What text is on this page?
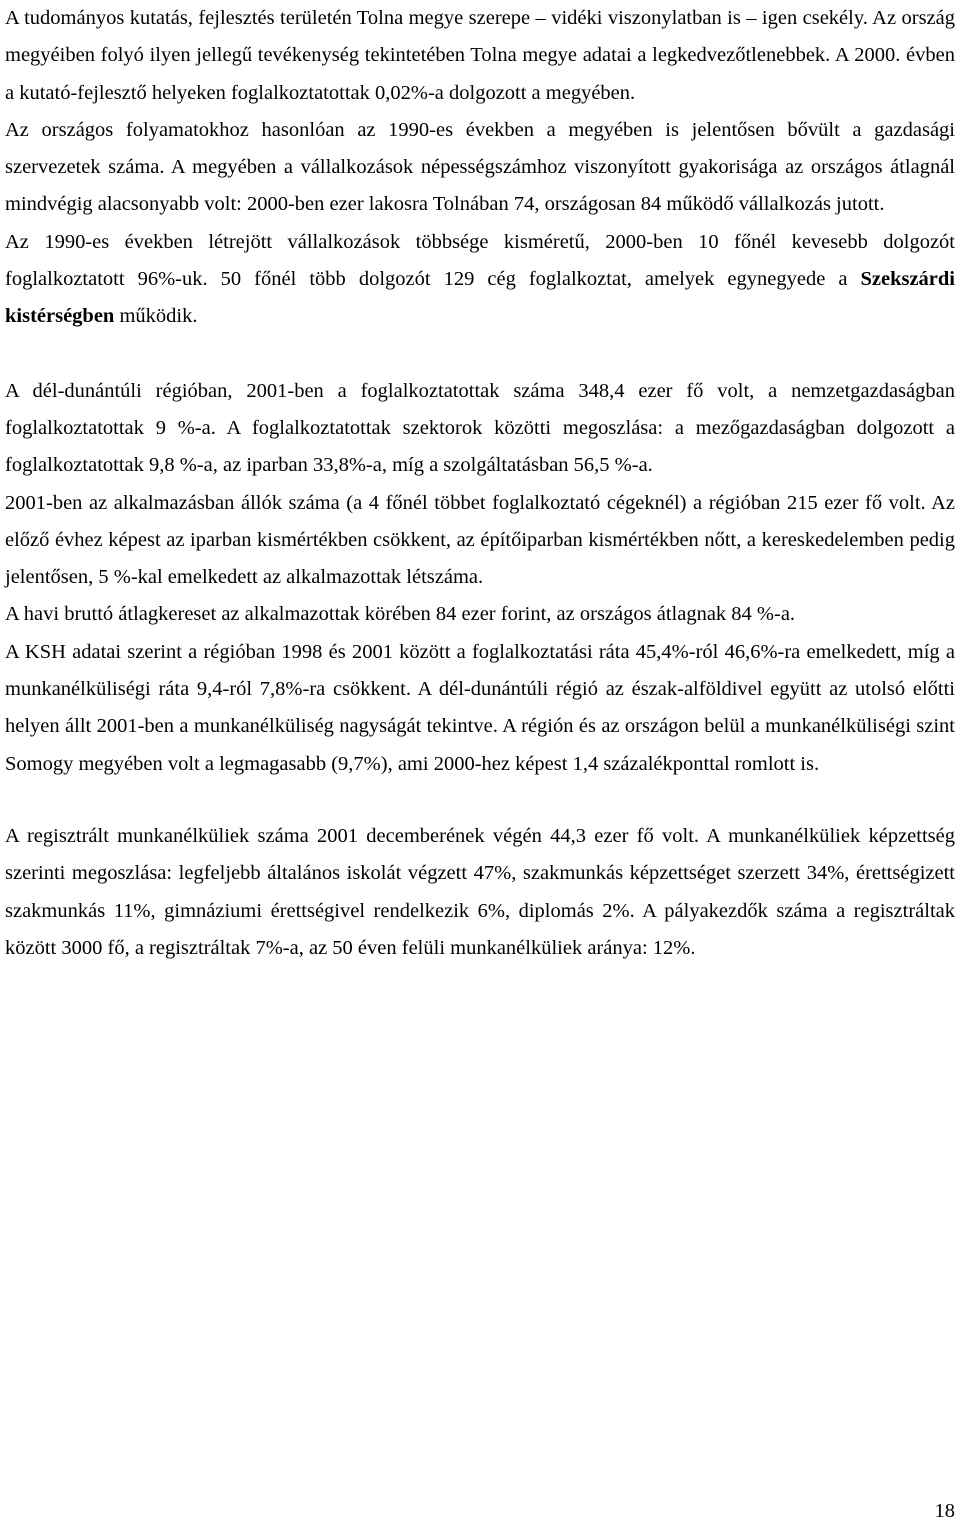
A tudományos kutatás, fejlesztés területén Tolna megye szerepe – vidéki viszonylatban is – igen csekély. Az ország megyéiben folyó ilyen jellegű tevékenység tekintetében Tolna megye adatai a legkedvezőtlenebbek. A 2000. évben a kutató-fejlesztő helyeken foglalkoztatottak 0,02%-a dolgozott a megyében.

Az országos folyamatokhoz hasonlóan az 1990-es években a megyében is jelentősen bővült a gazdasági szervezetek száma. A megyében a vállalkozások népességszámhoz viszonyított gyakorisága az országos átlagnál mindvégig alacsonyabb volt: 2000-ben ezer lakosra Tolnában 74, országosan 84 működő vállalkozás jutott.

Az 1990-es években létrejött vállalkozások többsége kisméretű, 2000-ben 10 főnél kevesebb dolgozót foglalkoztatott 96%-uk. 50 főnél több dolgozót 129 cég foglalkoztat, amelyek egynegyede a Szekszárdi kistérségben működik.

A dél-dunántúli régióban, 2001-ben a foglalkoztatottak száma 348,4 ezer fő volt, a nemzetgazdaságban foglalkoztatottak 9 %-a. A foglalkoztatottak szektorok közötti megoszlása: a mezőgazdaságban dolgozott a foglalkoztatottak 9,8 %-a, az iparban 33,8%-a, míg a szolgáltatásban 56,5 %-a.

2001-ben az alkalmazásban állók száma (a 4 főnél többet foglalkoztató cégeknél) a régióban 215 ezer fő volt. Az előző évhez képest az iparban kismértékben csökkent, az építőiparban kismértékben nőtt, a kereskedelemben pedig jelentősen, 5 %-kal emelkedett az alkalmazottak létszáma.

A havi bruttó átlagkereset az alkalmazottak körében 84 ezer forint, az országos átlagnak 84 %-a.

A KSH adatai szerint a régióban 1998 és 2001 között a foglalkoztatási ráta 45,4%-ról 46,6%-ra emelkedett, míg a munkanélküliségi ráta 9,4-ról 7,8%-ra csökkent. A dél-dunántúli régió az észak-alföldivel együtt az utolsó előtti helyen állt 2001-ben a munkanélküliség nagyságát tekintve. A régión és az országon belül a munkanélküliségi szint Somogy megyében volt a legmagasabb (9,7%), ami 2000-hez képest 1,4 százalékponttal romlott is.

A regisztrált munkanélküliek száma 2001 decemberének végén 44,3 ezer fő volt. A munkanélküliek képzettség szerinti megoszlása: legfeljebb általános iskolát végzett 47%, szakmunkás képzettséget szerzett 34%, érettségizett szakmunkás 11%, gimnáziumi érettségivel rendelkezik 6%, diplomás 2%. A pályakezdők száma a regisztráltak között 3000 fő, a regisztráltak 7%-a, az 50 éven felüli munkanélküliek aránya: 12%.

18
